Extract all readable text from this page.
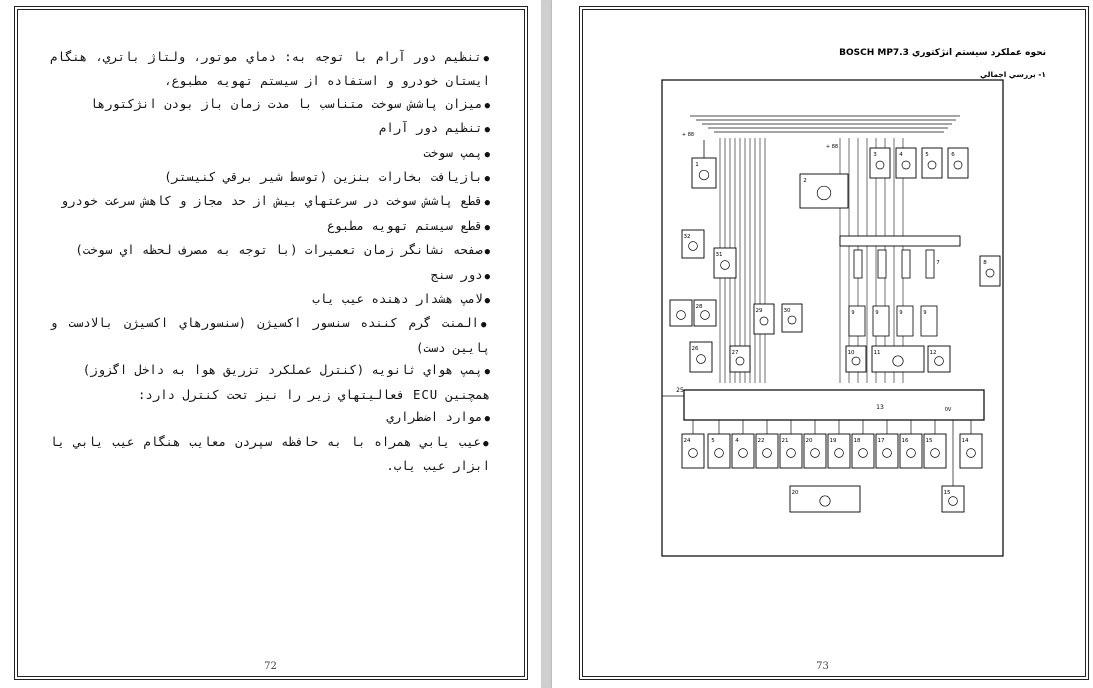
●تنظيم دور آرام با توجه به: دماي موتور، ولتاژ باتري، هنگام ايستان خودرو و استفاده از سيستم تهويه مطبوع،

●ميزان پاشش سوخت متناسب با مدت زمان باز بودن انژکتورها

●تنظيم دور آرام

●پمپ سوخت

●بازيافت بخارات بنزين (توسط شير برقي کنيستر)

●قطع پاشش سوخت در سرعتهاي بيش از حد مجاز و کاهش سرعت خودرو

●قطع سيستم تهويه مطبوع

●صفحه نشانگر زمان تعميرات (با توجه به مصرف لحظه اي سوخت)

●دور سنج

●لامپ هشدار دهنده عيب ياب

●المنت گرم کننده سنسور اکسيژن (سنسورهاي اکسيژن بالادست و پايين دست)

●پمپ هواي ثانويه (کنترل عملکرد تزريق هوا به داخل اگزوز)

همچنين ECU فعاليتهاي زير را نيز تحت کنترل دارد:

●موارد اضطراري

●عيب يابي همراه با به حافظه سپردن معايب هنگام عيب يابي يا ابزار عيب ياب.

72
نحوه عملکرد سيستم انژکتوري BOSCH MP7.3
۱- بررسي اجمالي
13	0V
25
1
+ 88
2
+ 88
3	4	5	6
7	8
9	9	9	9
10	11	12
26
28
27
29	30
31
32
24	5	4	22	21	20	19	18	17	16	15	14
20	15
73
